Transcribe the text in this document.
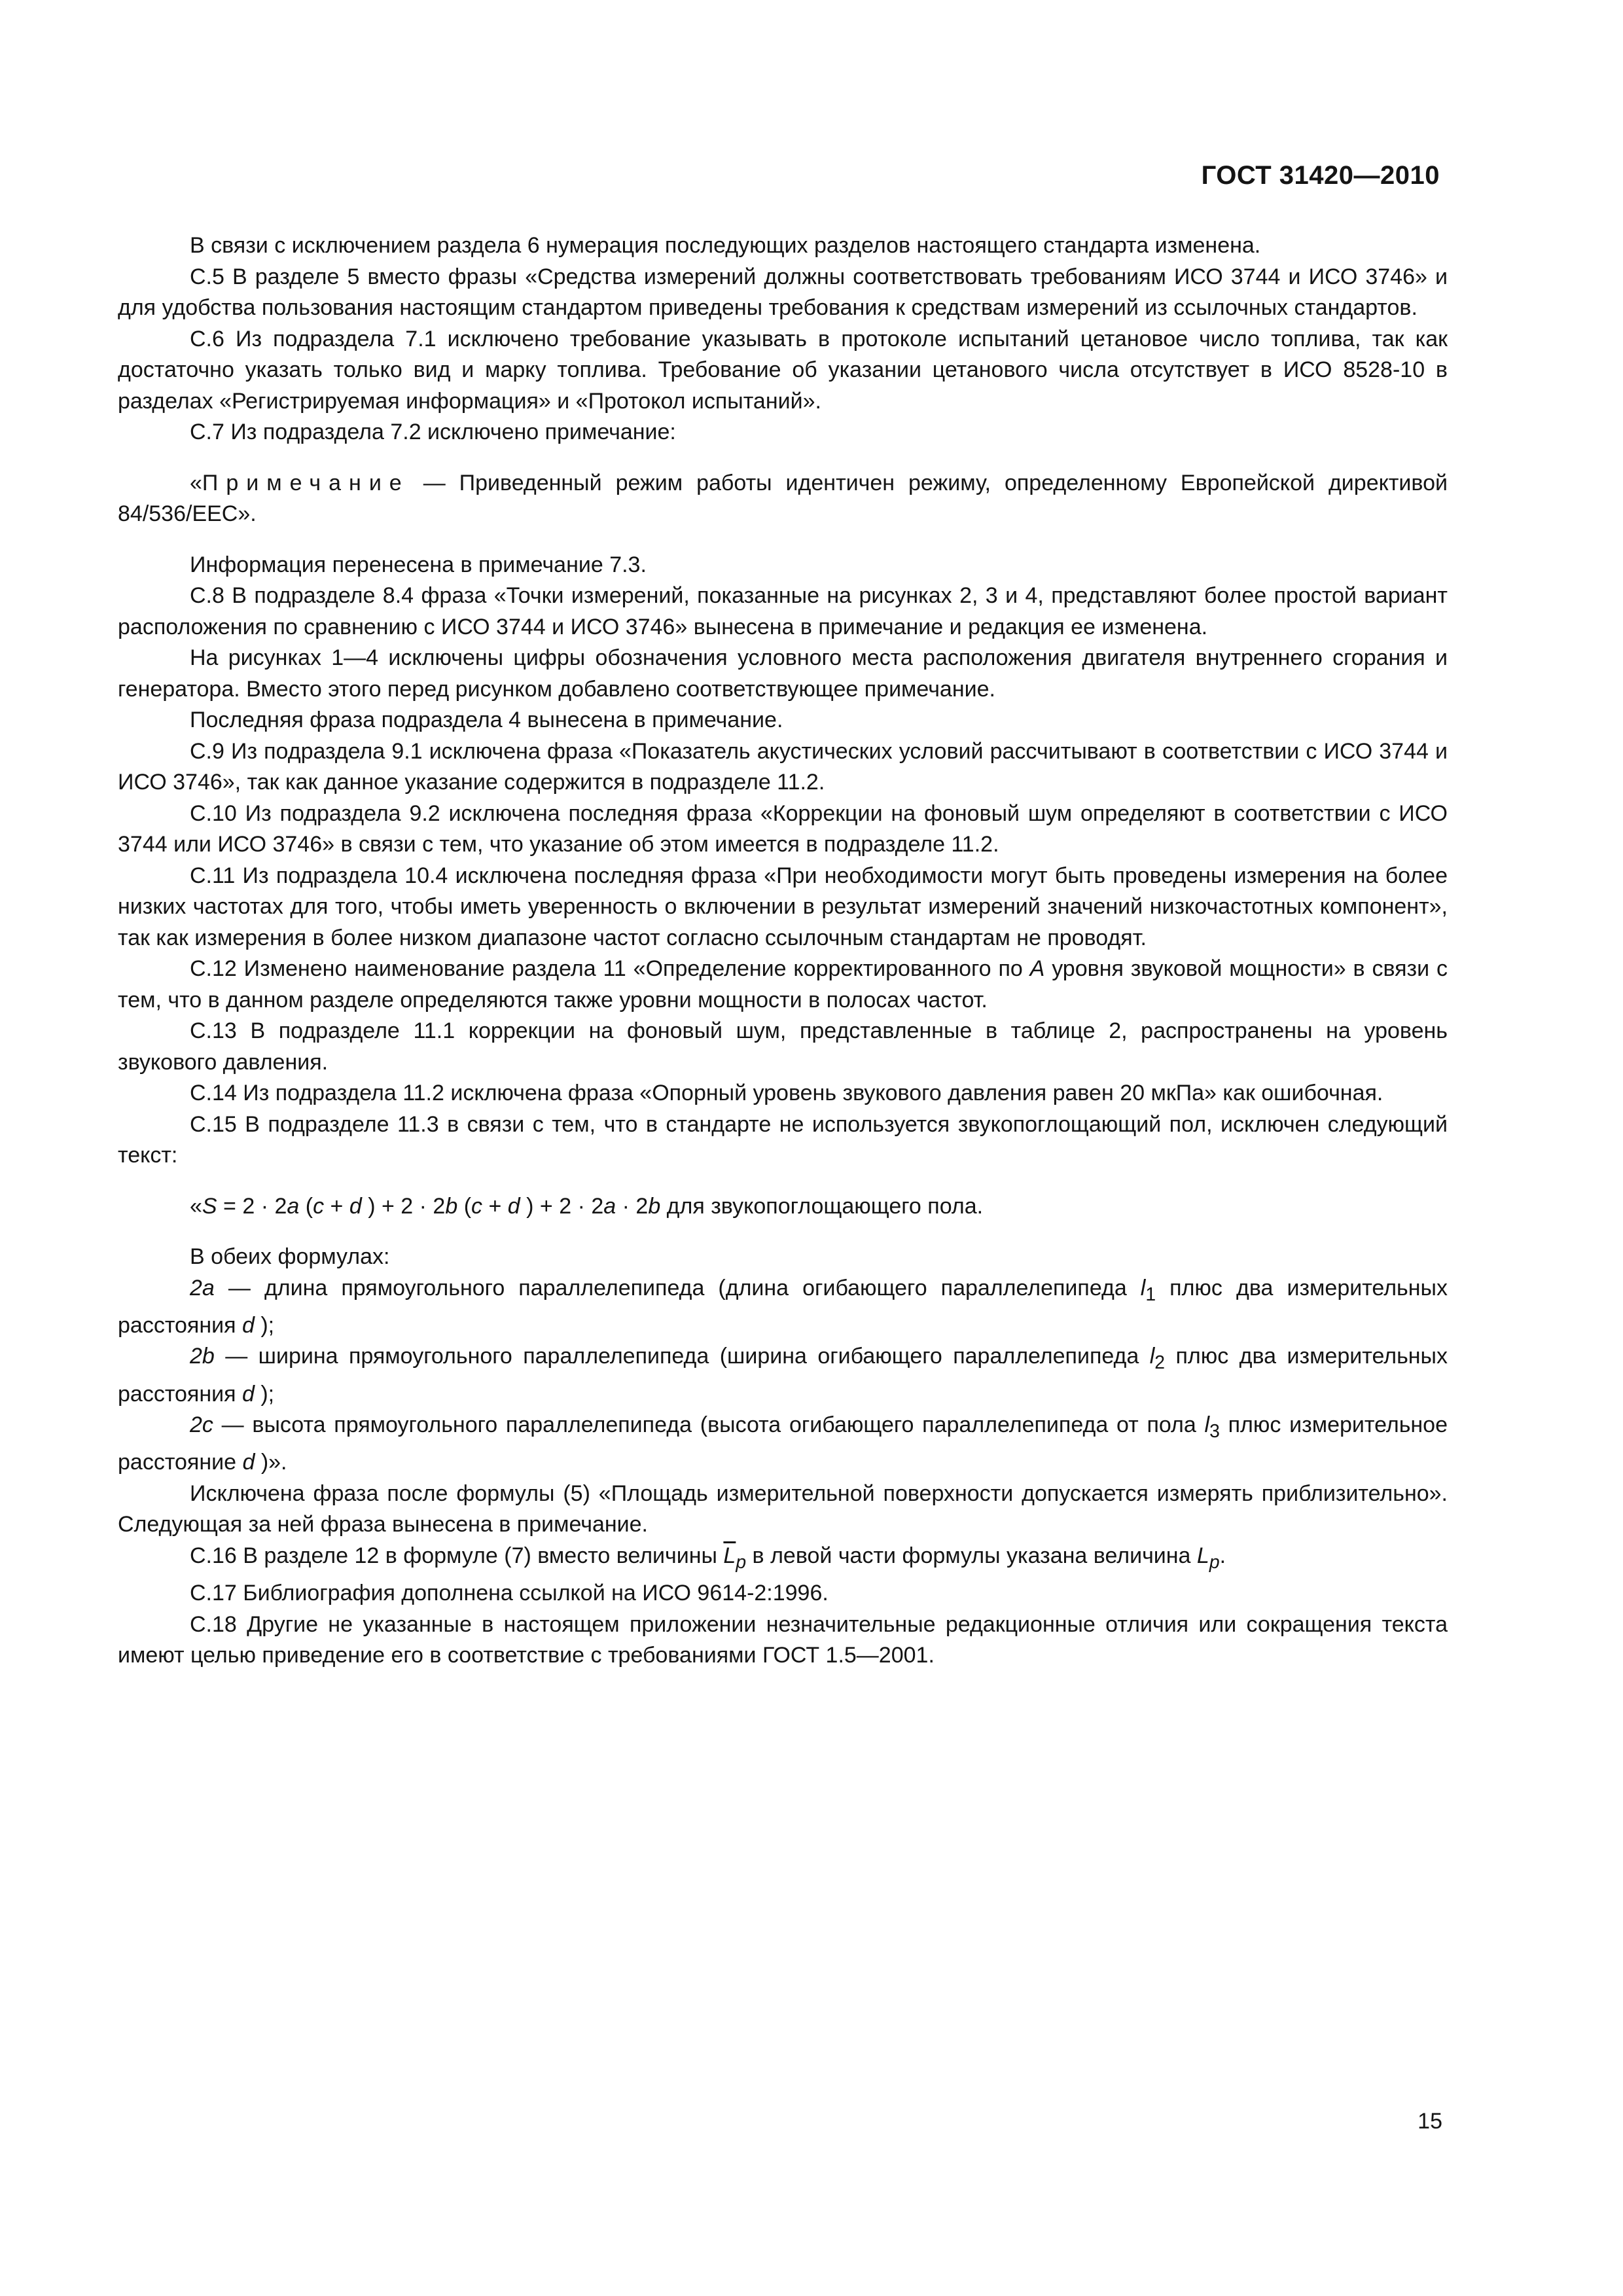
ГОСТ 31420—2010

В связи с исключением раздела 6 нумерация последующих разделов настоящего стандарта изменена.

С.5 В разделе 5 вместо фразы «Средства измерений должны соответствовать требованиям ИСО 3744 и ИСО 3746» и для удобства пользования настоящим стандартом приведены требования к средствам измерений из ссылочных стандартов.

С.6 Из подраздела 7.1 исключено требование указывать в протоколе испытаний цетановое число топлива, так как достаточно указать только вид и марку топлива. Требование об указании цетанового числа отсутствует в ИСО 8528-10 в разделах «Регистрируемая информация» и «Протокол испытаний».

С.7 Из подраздела 7.2 исключено примечание:

«Примечание — Приведенный режим работы идентичен режиму, определенному Европейской директивой 84/536/ЕЕС».

Информация перенесена в примечание 7.3.

С.8 В подразделе 8.4 фраза «Точки измерений, показанные на рисунках 2, 3 и 4, представляют более простой вариант расположения по сравнению с ИСО 3744 и ИСО 3746» вынесена в примечание и редакция ее изменена.

На рисунках 1—4 исключены цифры обозначения условного места расположения двигателя внутреннего сгорания и генератора. Вместо этого перед рисунком добавлено соответствующее примечание.

Последняя фраза подраздела 4 вынесена в примечание.

С.9 Из подраздела 9.1 исключена фраза «Показатель акустических условий рассчитывают в соответствии с ИСО 3744 и ИСО 3746», так как данное указание содержится в подразделе 11.2.

С.10 Из подраздела 9.2 исключена последняя фраза «Коррекции на фоновый шум определяют в соответствии с ИСО 3744 или ИСО 3746» в связи с тем, что указание об этом имеется в подразделе 11.2.

С.11 Из подраздела 10.4 исключена последняя фраза «При необходимости могут быть проведены измерения на более низких частотах для того, чтобы иметь уверенность о включении в результат измерений значений низкочастотных компонент», так как измерения в более низком диапазоне частот согласно ссылочным стандартам не проводят.

С.12 Изменено наименование раздела 11 «Определение корректированного по A уровня звуковой мощности» в связи с тем, что в данном разделе определяются также уровни мощности в полосах частот.

С.13 В подразделе 11.1 коррекции на фоновый шум, представленные в таблице 2, распространены на уровень звукового давления.

С.14 Из подраздела 11.2 исключена фраза «Опорный уровень звукового давления равен 20 мкПа» как ошибочная.

С.15 В подразделе 11.3 в связи с тем, что в стандарте не используется звукопоглощающий пол, исключен следующий текст:

«S = 2 · 2a (c + d ) + 2 · 2b (c + d ) + 2 · 2a · 2b для звукопоглощающего пола.

В обеих формулах:

2a — длина прямоугольного параллелепипеда (длина огибающего параллелепипеда $l_1$ плюс два измерительных расстояния d );

2b — ширина прямоугольного параллелепипеда (ширина огибающего параллелепипеда $l_2$ плюс два измерительных расстояния d );

2c — высота прямоугольного параллелепипеда (высота огибающего параллелепипеда от пола $l_3$ плюс измерительное расстояние d )».

Исключена фраза после формулы (5) «Площадь измерительной поверхности допускается измерять приблизительно». Следующая за ней фраза вынесена в примечание.

С.16 В разделе 12 в формуле (7) вместо величины $\overline{L}_p$ в левой части формулы указана величина $L_p$.

С.17 Библиография дополнена ссылкой на ИСО 9614-2:1996.

С.18 Другие не указанные в настоящем приложении незначительные редакционные отличия или сокращения текста имеют целью приведение его в соответствие с требованиями ГОСТ 1.5—2001.

15
